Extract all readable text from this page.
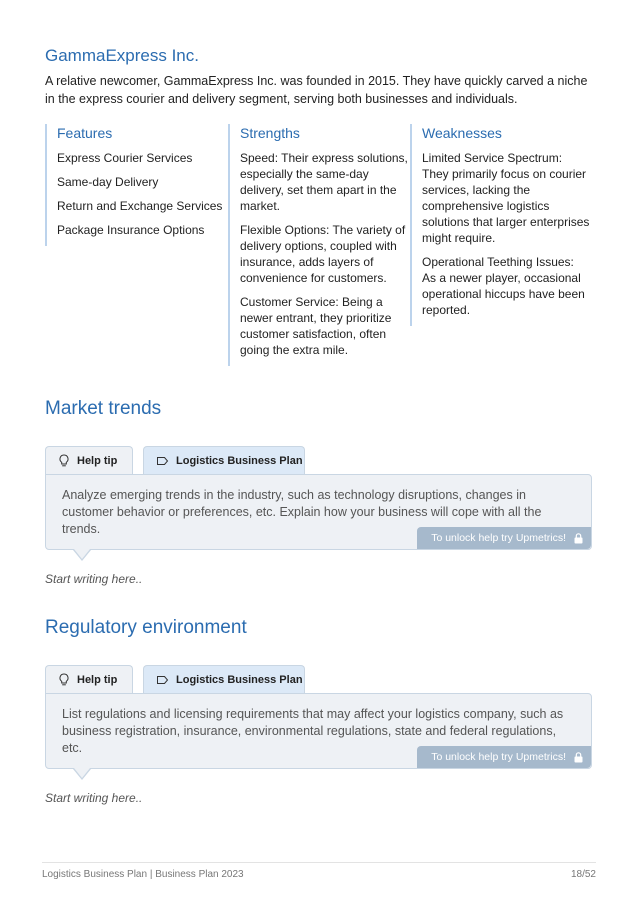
GammaExpress Inc.

A relative newcomer, GammaExpress Inc. was founded in 2015. They have quickly carved a niche in the express courier and delivery segment, serving both businesses and individuals.

Features

Express Courier Services

Same-day Delivery

Return and Exchange Services

Package Insurance Options

Strengths

Speed: Their express solutions, especially the same-day delivery, set them apart in the market.

Flexible Options: The variety of delivery options, coupled with insurance, adds layers of convenience for customers.

Customer Service: Being a newer entrant, they prioritize customer satisfaction, often going the extra mile.

Weaknesses

Limited Service Spectrum: They primarily focus on courier services, lacking the comprehensive logistics solutions that larger enterprises might require.

Operational Teething Issues: As a newer player, occasional operational hiccups have been reported.

Market trends
Help tip	Logistics Business Plan

Analyze emerging trends in the industry, such as technology disruptions, changes in customer behavior or preferences, etc. Explain how your business will cope with all the trends.

To unlock help try Upmetrics!

Start writing here..

Regulatory environment
Help tip	Logistics Business Plan

List regulations and licensing requirements that may affect your logistics company, such as business registration, insurance, environmental regulations, state and federal regulations, etc.

To unlock help try Upmetrics!

Start writing here..

Logistics Business Plan | Business Plan 2023	18/52
